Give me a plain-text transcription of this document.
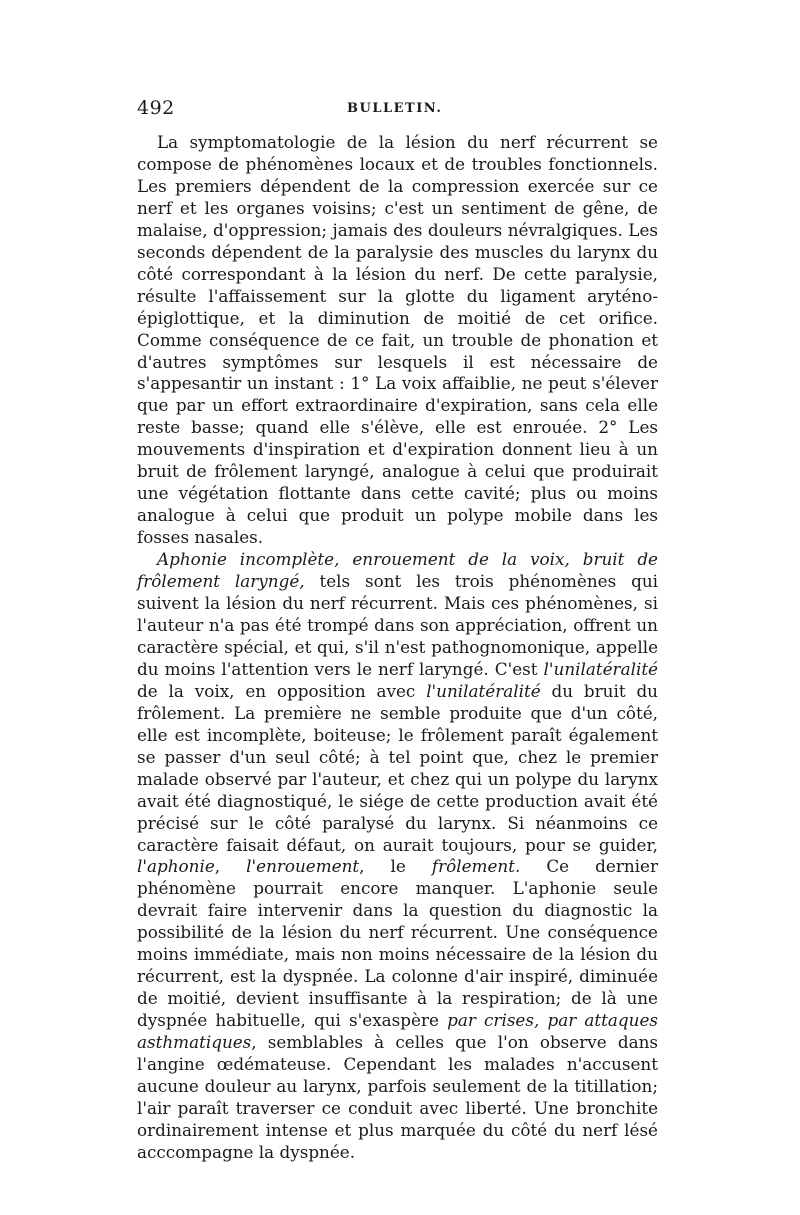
492	BULLETIN.

La symptomatologie de la lésion du nerf récurrent se compose de phénomènes locaux et de troubles fonctionnels. Les premiers dépendent de la compression exercée sur ce nerf et les organes voisins; c'est un sentiment de gêne, de malaise, d'oppression; jamais des douleurs névralgiques. Les seconds dépendent de la paralysie des muscles du larynx du côté correspondant à la lésion du nerf. De cette paralysie, résulte l'affaissement sur la glotte du ligament aryténo-épiglottique, et la diminution de moitié de cet orifice. Comme conséquence de ce fait, un trouble de phonation et d'autres symptômes sur lesquels il est nécessaire de s'appesantir un instant : 1° La voix affaiblie, ne peut s'élever que par un effort extraordinaire d'expiration, sans cela elle reste basse; quand elle s'élève, elle est enrouée. 2° Les mouvements d'inspiration et d'expiration donnent lieu à un bruit de frôlement laryngé, analogue à celui que produirait une végétation flottante dans cette cavité; plus ou moins analogue à celui que produit un polype mobile dans les fosses nasales.

Aphonie incomplète, enrouement de la voix, bruit de frôlement laryngé, tels sont les trois phénomènes qui suivent la lésion du nerf récurrent. Mais ces phénomènes, si l'auteur n'a pas été trompé dans son appréciation, offrent un caractère spécial, et qui, s'il n'est pathognomonique, appelle du moins l'attention vers le nerf laryngé. C'est l'unilatéralité de la voix, en opposition avec l'unilatéralité du bruit du frôlement. La première ne semble produite que d'un côté, elle est incomplète, boiteuse; le frôlement paraît également se passer d'un seul côté; à tel point que, chez le premier malade observé par l'auteur, et chez qui un polype du larynx avait été diagnostiqué, le siége de cette production avait été précisé sur le côté paralysé du larynx. Si néanmoins ce caractère faisait défaut, on aurait toujours, pour se guider, l'aphonie, l'enrouement, le frôlement. Ce dernier phénomène pourrait encore manquer. L'aphonie seule devrait faire intervenir dans la question du diagnostic la possibilité de la lésion du nerf récurrent. Une conséquence moins immédiate, mais non moins nécessaire de la lésion du récurrent, est la dyspnée. La colonne d'air inspiré, diminuée de moitié, devient insuffisante à la respiration; de là une dyspnée habituelle, qui s'exaspère par crises, par attaques asthmatiques, semblables à celles que l'on observe dans l'angine œdémateuse. Cependant les malades n'accusent aucune douleur au larynx, parfois seulement de la titillation; l'air paraît traverser ce conduit avec liberté. Une bronchite ordinairement intense et plus marquée du côté du nerf lésé acccompagne la dyspnée.
